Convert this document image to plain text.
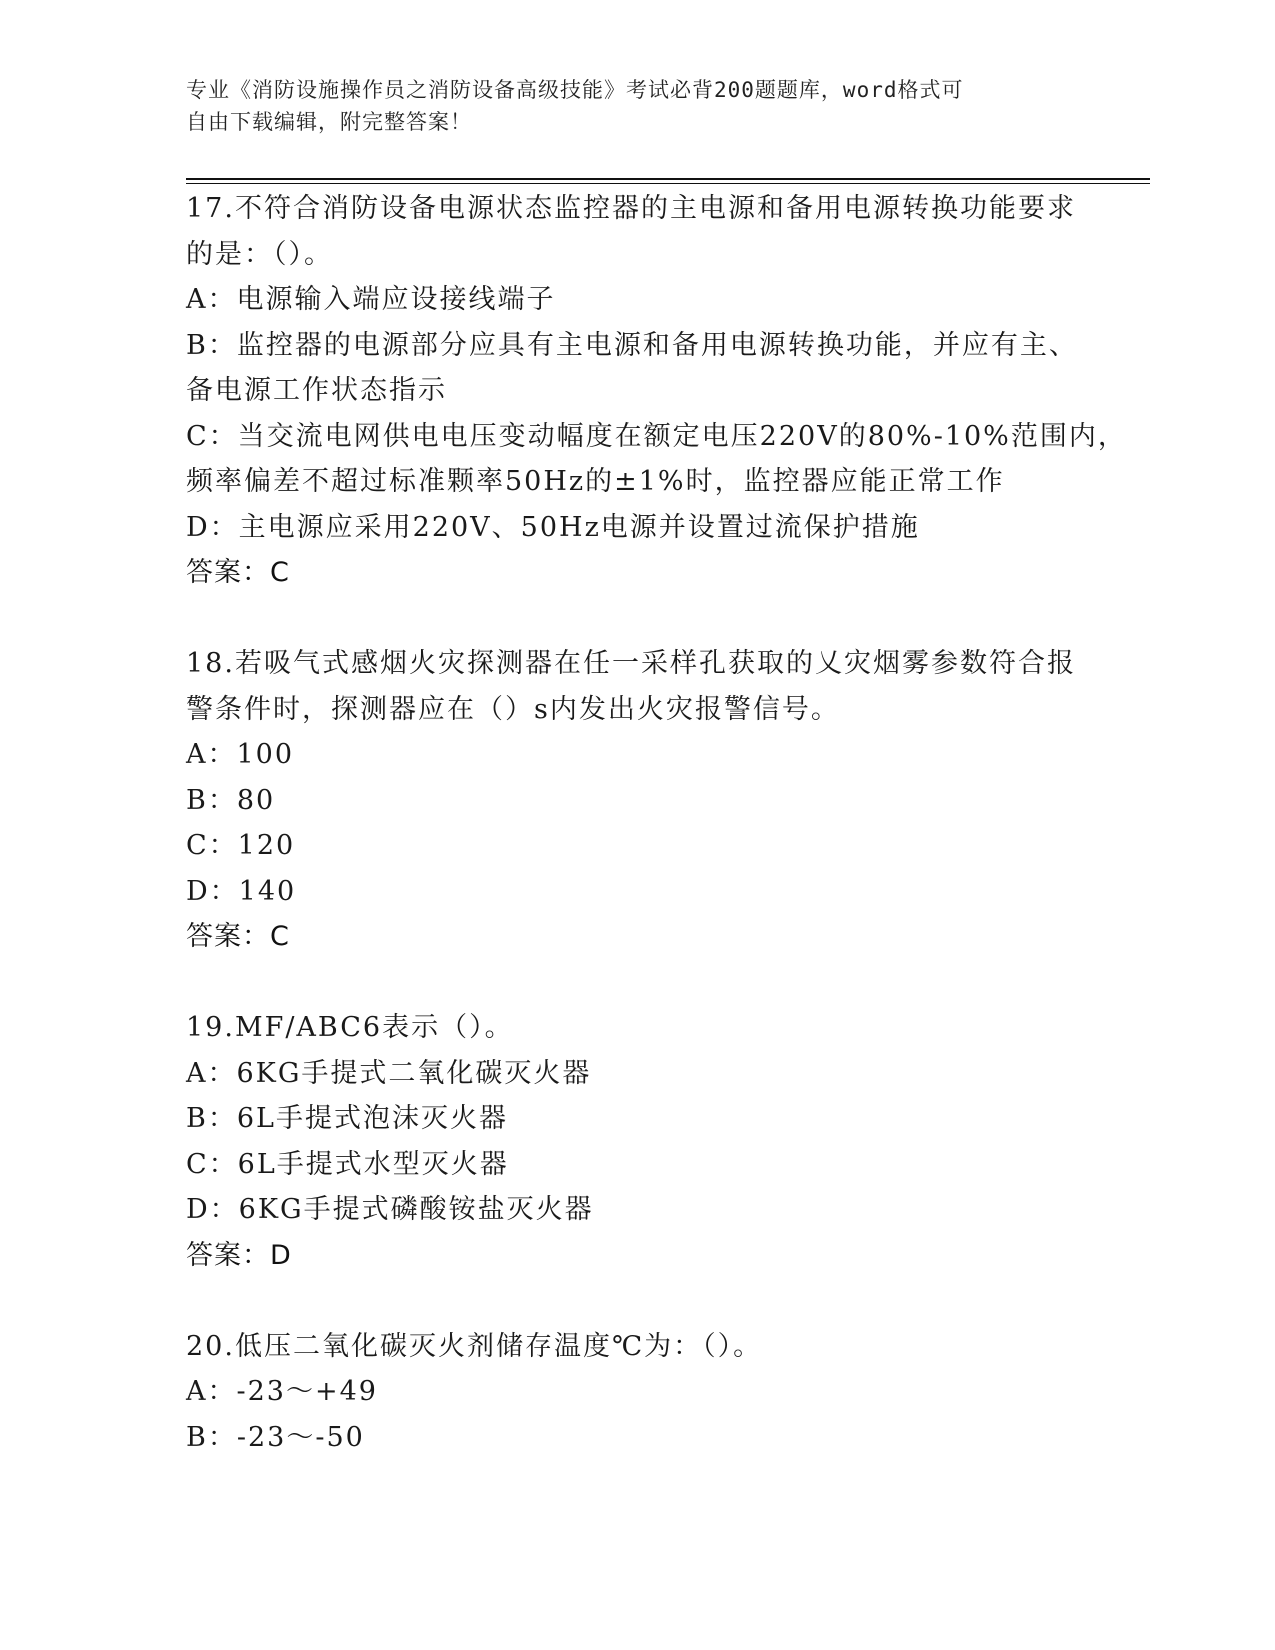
专业《消防设施操作员之消防设备高级技能》考试必背200题题库，word格式可
自由下载编辑，附完整答案！
17.不符合消防设备电源状态监控器的主电源和备用电源转换功能要求
的是：（）。
A：电源输入端应设接线端子
B：监控器的电源部分应具有主电源和备用电源转换功能，并应有主、
备电源工作状态指示
C：当交流电网供电电压变动幅度在额定电压220V的80%-10%范围内，
频率偏差不超过标准颗率50Hz的±1%时，监控器应能正常工作
D：主电源应采用220V、50Hz电源并设置过流保护措施
答案：C
18.若吸气式感烟火灾探测器在任一采样孔获取的乂灾烟雾参数符合报
警条件时，探测器应在（）s内发出火灾报警信号。
A：100
B：80
C：120
D：140
答案：C
19.MF/ABC6表示（）。
A：6KG手提式二氧化碳灭火器
B：6L手提式泡沫灭火器
C：6L手提式水型灭火器
D：6KG手提式磷酸铵盐灭火器
答案：D
20.低压二氧化碳灭火剂储存温度℃为：（）。
A：-23～+49
B：-23～-50
